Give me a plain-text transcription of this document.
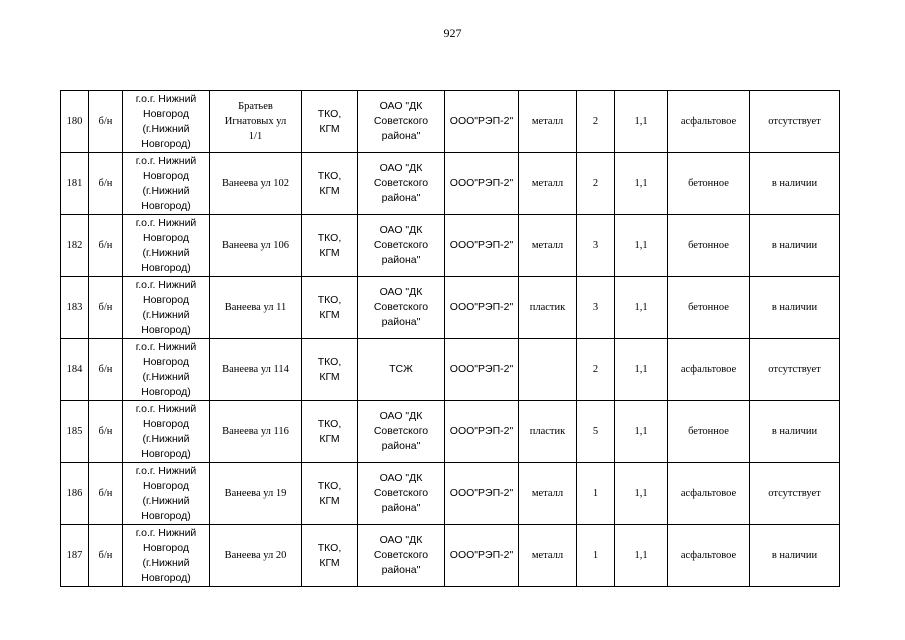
927
180	б/н	г.о.г. Нижний
Новгород
(г.Нижний
Новгород)	Братьев
Игнатовых ул
1/1	ТКО,
КГМ	ОАО "ДК
Советского
района"	ООО"РЭП-2"	металл	2	1,1	асфальтовое	отсутствует
181	б/н	г.о.г. Нижний
Новгород
(г.Нижний
Новгород)	Ванеева ул 102	ТКО,
КГМ	ОАО "ДК
Советского
района"	ООО"РЭП-2"	металл	2	1,1	бетонное	в наличии
182	б/н	г.о.г. Нижний
Новгород
(г.Нижний
Новгород)	Ванеева ул 106	ТКО,
КГМ	ОАО "ДК
Советского
района"	ООО"РЭП-2"	металл	3	1,1	бетонное	в наличии
183	б/н	г.о.г. Нижний
Новгород
(г.Нижний
Новгород)	Ванеева ул 11	ТКО,
КГМ	ОАО "ДК
Советского
района"	ООО"РЭП-2"	пластик	3	1,1	бетонное	в наличии
184	б/н	г.о.г. Нижний
Новгород
(г.Нижний
Новгород)	Ванеева ул 114	ТКО,
КГМ	ТСЖ	ООО"РЭП-2"		2	1,1	асфальтовое	отсутствует
185	б/н	г.о.г. Нижний
Новгород
(г.Нижний
Новгород)	Ванеева ул 116	ТКО,
КГМ	ОАО "ДК
Советского
района"	ООО"РЭП-2"	пластик	5	1,1	бетонное	в наличии
186	б/н	г.о.г. Нижний
Новгород
(г.Нижний
Новгород)	Ванеева ул 19	ТКО,
КГМ	ОАО "ДК
Советского
района"	ООО"РЭП-2"	металл	1	1,1	асфальтовое	отсутствует
187	б/н	г.о.г. Нижний
Новгород
(г.Нижний
Новгород)	Ванеева ул 20	ТКО,
КГМ	ОАО "ДК
Советского
района"	ООО"РЭП-2"	металл	1	1,1	асфальтовое	в наличии
